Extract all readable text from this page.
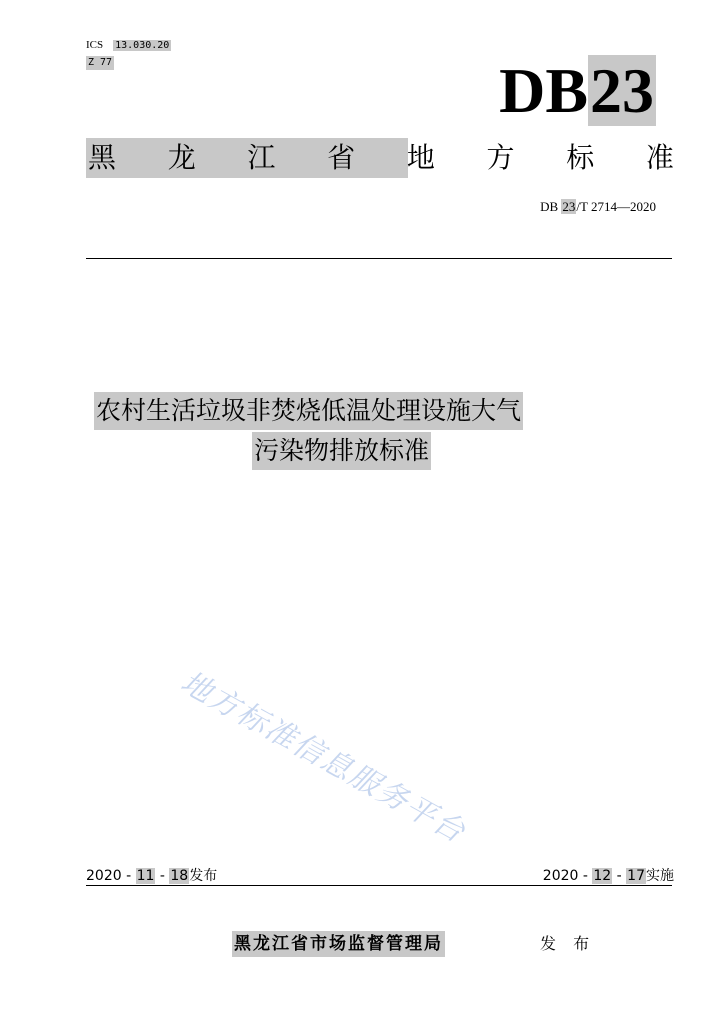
ICS 13.030.20
Z 77	DB23
黑 龙 江 省 地 方 标 准
DB 23/T 2714—2020
农村生活垃圾非焚烧低温处理设施大气
污染物排放标准
地方标准信息服务平台
2020 - 11 - 18发布	2020 - 12 - 17实施
黑龙江省市场监督管理局	发 布
